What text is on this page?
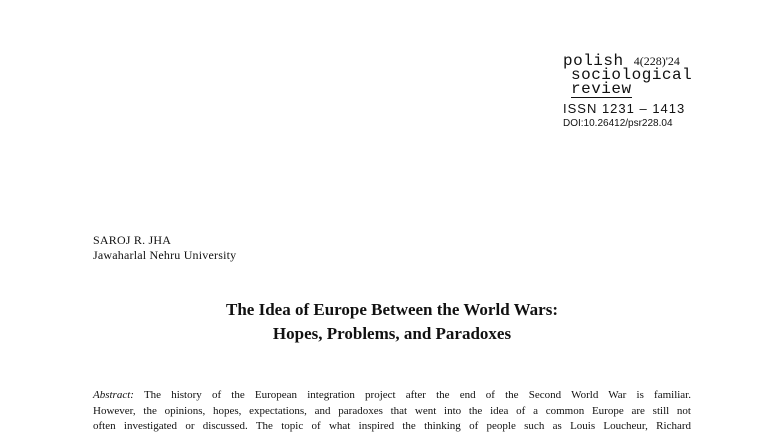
polish 4(228)'24
sociological
review
ISSN 1231 – 1413
DOI:10.26412/psr228.04
SAROJ R. JHA
Jawaharlal Nehru University
The Idea of Europe Between the World Wars:
Hopes, Problems, and Paradoxes
Abstract: The history of the European integration project after the end of the Second World War is familiar.
However, the opinions, hopes, expectations, and paradoxes that went into the idea of a common Europe are still not
often investigated or discussed. The topic of what inspired the thinking of people such as Louis Loucheur, Richard
